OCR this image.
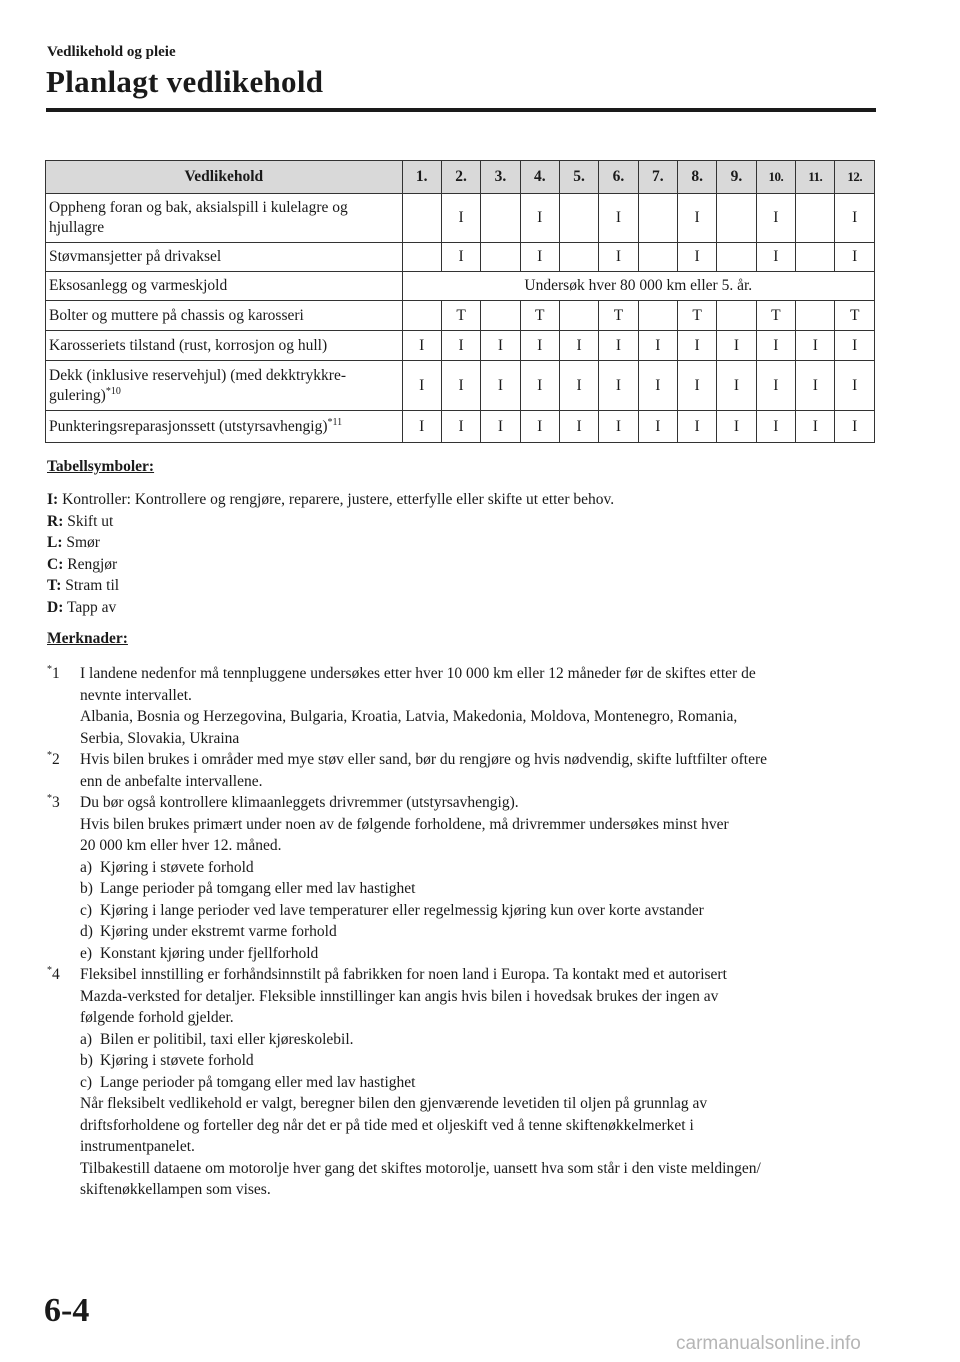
Vedlikehold og pleie
Planlagt vedlikehold
Vedlikehold	1.	2.	3.	4.	5.	6.	7.	8.	9.	10.	11.	12.
Oppheng foran og bak, aksialspill i kulelagre og hjullagre		I		I		I		I		I		I
Støvmansjetter på drivaksel		I		I		I		I		I		I
Eksosanlegg og varmeskjold	Undersøk hver 80 000 km eller 5. år.											
Bolter og muttere på chassis og karosseri		T		T		T		T		T		T
Karosseriets tilstand (rust, korrosjon og hull)	I	I	I	I	I	I	I	I	I	I	I	I
Dekk (inklusive reservehjul) (med dekktrykkre-
gulering)$^{*10}$	I	I	I	I	I	I	I	I	I	I	I	I
Punkteringsreparasjonssett (utstyrsavhengig)$^{*11}$	I	I	I	I	I	I	I	I	I	I	I	I
Tabellsymboler:
I: Kontroller: Kontrollere og rengjøre, reparere, justere, etterfylle eller skifte ut etter behov.
R: Skift ut
L: Smør
C: Rengjør
T: Stram til
D: Tapp av
Merknader:
*1 I landene nedenfor må tennpluggene undersøkes etter hver 10 000 km eller 12 måneder før de skiftes etter de
nevnte intervallet.
Albania, Bosnia og Herzegovina, Bulgaria, Kroatia, Latvia, Makedonia, Moldova, Montenegro, Romania,
Serbia, Slovakia, Ukraina
*2 Hvis bilen brukes i områder med mye støv eller sand, bør du rengjøre og hvis nødvendig, skifte luftfilter oftere
enn de anbefalte intervallene.
*3 Du bør også kontrollere klimaanleggets drivremmer (utstyrsavhengig).
Hvis bilen brukes primært under noen av de følgende forholdene, må drivremmer undersøkes minst hver
20 000 km eller hver 12. måned.
a) Kjøring i støvete forhold
b) Lange perioder på tomgang eller med lav hastighet
c) Kjøring i lange perioder ved lave temperaturer eller regelmessig kjøring kun over korte avstander
d) Kjøring under ekstremt varme forhold
e) Konstant kjøring under fjellforhold
*4 Fleksibel innstilling er forhåndsinnstilt på fabrikken for noen land i Europa. Ta kontakt med et autorisert
Mazda-verksted for detaljer. Fleksible innstillinger kan angis hvis bilen i hovedsak brukes der ingen av
følgende forhold gjelder.
a) Bilen er politibil, taxi eller kjøreskolebil.
b) Kjøring i støvete forhold
c) Lange perioder på tomgang eller med lav hastighet
Når fleksibelt vedlikehold er valgt, beregner bilen den gjenværende levetiden til oljen på grunnlag av
driftsforholdene og forteller deg når det er på tide med et oljeskift ved å tenne skiftenøkkelmerket i
instrumentpanelet.
Tilbakestill dataene om motorolje hver gang det skiftes motorolje, uansett hva som står i den viste meldingen/
skiftenøkkellampen som vises.
6-4
carmanualsonline.info
